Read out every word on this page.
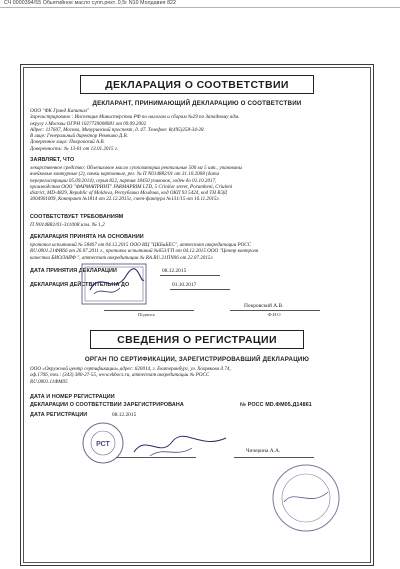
СЧ 0000394/55 Обьятийное масло супп.рект. 0,5г N10 Молдавия 822
ДЕКЛАРАЦИЯ О СООТВЕТСТВИИ
ДЕКЛАРАНТ, ПРИНИМАЮЩИЙ ДЕКЛАРАЦИЮ О СООТВЕТСТВИИ
ООО "ФК Гранд Капитал"
Зарегистрировано : Инспекция Министерства РФ по налогам и сборам №29 по Западному адм.
округу г.Москвы ОГРН 1027739008081 от 09.09.2002
Адрес: 117607, Москва, Мичуринский проспект, д. 47. Телефон: 8(495)258-34-28.
В лице: Генеральный директор Ремешко Д.В.
Доверенное лицо: Покровский А.В.
Доверенность: № 13-01 от 13.01.2015 г.
ЗАЯВЛЯЕТ, ЧТО
лекарственное средство: Облепиховое масло суппозитории ректальные 500 мг 5 шт., упакованы
ячейковые контурные (2), пачки картонные, рег. № П N014882/01 от 31.10.2008 (дата
перерегистрации 05.09.2014), серия 822, партия 18450 упаковок, годен до 01.10.2017,
производства ООО "ФАРМАПРИНТ" FARMAPRIM LTD, 5 Crinilor street, Porumbeni, Criuleni
district, MD-4829, Republic of Moldova, Республика Молдова, код ОКП 93 5424, код ТН ВЭД
3004901009, Контракт №1814 от 22.12.2015г, счет-фактура №131/15 от 16.11.2015г.
СООТВЕТСТВУЕТ ТРЕБОВАНИЯМ
П N014882/01-311008 изм. № 1,2
ДЕКЛАРАЦИЯ ПРИНЯТА НА ОСНОВАНИИ
протокол испытаний № 58467 от 04.12.2015 ООО ИЦ "ЦКБиБЕС", аттестат аккредитации РОСС
RU.0001.21ФИ66 от 26.07.2011 г., протокол испытаний №653/ГП от 04.12.2015 ООО "Центр контроля
качества БИОЛАЙФ ", аттестат аккредитации № RA.RU.21ПЧ06 от 22.07.2015г.
ДАТА ПРИНЯТИЯ ДЕКЛАРАЦИИ	08.12.2015
ДЕКЛАРАЦИЯ ДЕЙСТВИТЕЛЬНА ДО	01.10.2017
Подпись
Покровский А.В.
Ф.И.О
СВЕДЕНИЯ О РЕГИСТРАЦИИ
ОРГАН ПО СЕРТИФИКАЦИИ, ЗАРЕГИСТРИРОВАВШИЙ ДЕКЛАРАЦИЮ
ООО «Окружной центр сертификации»,адрес: 620014, г. Екатеринбург, ул. Хохрякова д.74,
оф.1706, тел.: (343) 380-27-55, www.ekbocs.ru, аттестат аккредитации № РОСС
RU.0001.11ФМ05
ДАТА И НОМЕР РЕГИСТРАЦИИ
ДЕКЛАРАЦИИ О СООТВЕТСТВИИ ЗАРЕГИСТРИРОВАНА	№ РОСС MD.ФМ05.Д14861
ДАТА РЕГИСТРАЦИИ	08.12.2015
РСТ
Чичерина А.А.
